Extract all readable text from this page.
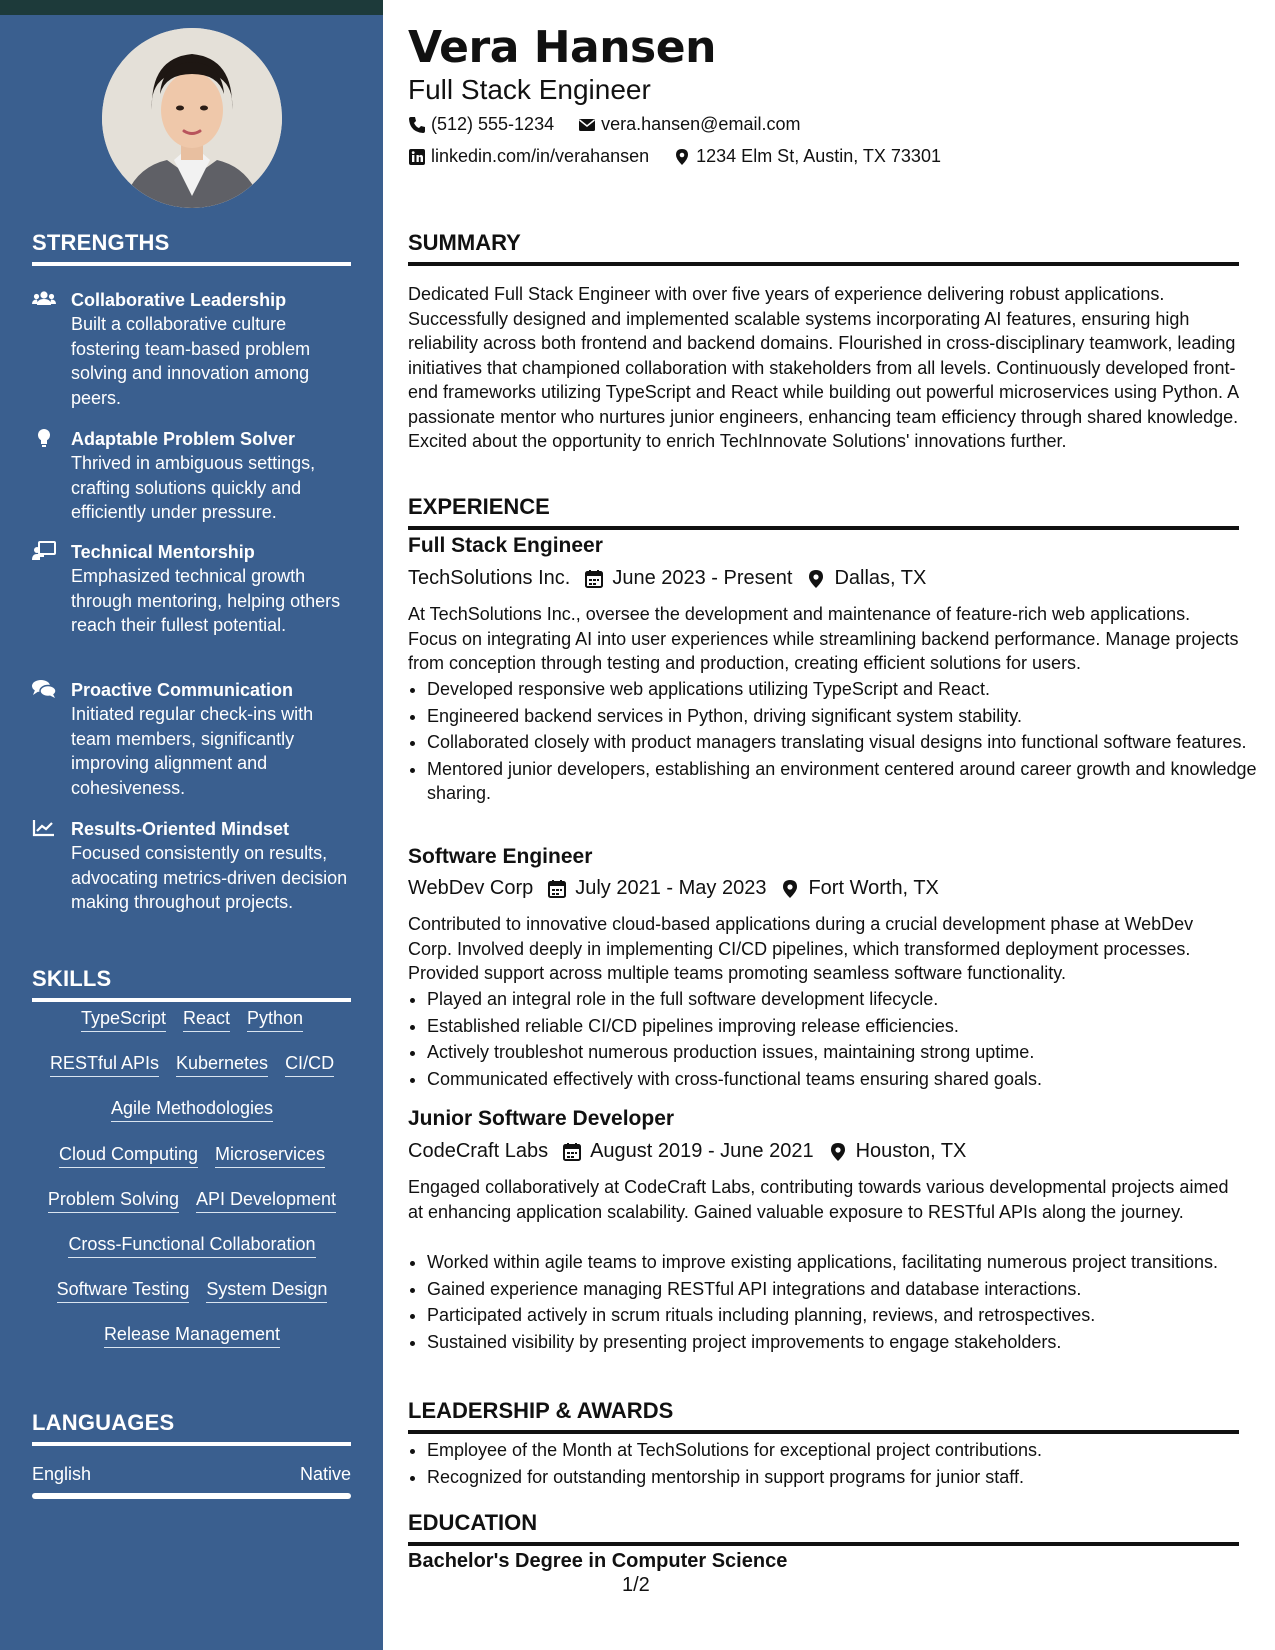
STRENGTHS
Collaborative Leadership
Built a collaborative culture fostering team-based problem solving and innovation among peers.
Adaptable Problem Solver
Thrived in ambiguous settings, crafting solutions quickly and efficiently under pressure.
Technical Mentorship
Emphasized technical growth through mentoring, helping others reach their fullest potential.
Proactive Communication
Initiated regular check-ins with team members, significantly improving alignment and cohesiveness.
Results-Oriented Mindset
Focused consistently on results, advocating metrics-driven decision making throughout projects.
SKILLS
TypeScript React Python
RESTful APIs Kubernetes CI/CD
Agile Methodologies
Cloud Computing Microservices
Problem Solving API Development
Cross-Functional Collaboration
Software Testing System Design
Release Management
LANGUAGES
English	Native
Vera Hansen
Full Stack Engineer
(512) 555-1234	vera.hansen@email.com
linkedin.com/in/verahansen	1234 Elm St, Austin, TX 73301
SUMMARY
Dedicated Full Stack Engineer with over five years of experience delivering robust applications. Successfully designed and implemented scalable systems incorporating AI features, ensuring high reliability across both frontend and backend domains. Flourished in cross-disciplinary teamwork, leading initiatives that championed collaboration with stakeholders from all levels. Continuously developed front-end frameworks utilizing TypeScript and React while building out powerful microservices using Python. A passionate mentor who nurtures junior engineers, enhancing team efficiency through shared knowledge. Excited about the opportunity to enrich TechInnovate Solutions' innovations further.
EXPERIENCE
Full Stack Engineer
TechSolutions Inc. June 2023 - Present Dallas, TX
At TechSolutions Inc., oversee the development and maintenance of feature-rich web applications. Focus on integrating AI into user experiences while streamlining backend performance. Manage projects from conception through testing and production, creating efficient solutions for users.
• Developed responsive web applications utilizing TypeScript and React.
• Engineered backend services in Python, driving significant system stability.
• Collaborated closely with product managers translating visual designs into functional software features.
• Mentored junior developers, establishing an environment centered around career growth and knowledge sharing.
Software Engineer
WebDev Corp July 2021 - May 2023 Fort Worth, TX
Contributed to innovative cloud-based applications during a crucial development phase at WebDev Corp. Involved deeply in implementing CI/CD pipelines, which transformed deployment processes. Provided support across multiple teams promoting seamless software functionality.
• Played an integral role in the full software development lifecycle.
• Established reliable CI/CD pipelines improving release efficiencies.
• Actively troubleshot numerous production issues, maintaining strong uptime.
• Communicated effectively with cross-functional teams ensuring shared goals.
Junior Software Developer
CodeCraft Labs August 2019 - June 2021 Houston, TX
Engaged collaboratively at CodeCraft Labs, contributing towards various developmental projects aimed at enhancing application scalability. Gained valuable exposure to RESTful APIs along the journey.
• Worked within agile teams to improve existing applications, facilitating numerous project transitions.
• Gained experience managing RESTful API integrations and database interactions.
• Participated actively in scrum rituals including planning, reviews, and retrospectives.
• Sustained visibility by presenting project improvements to engage stakeholders.
LEADERSHIP & AWARDS
• Employee of the Month at TechSolutions for exceptional project contributions.
• Recognized for outstanding mentorship in support programs for junior staff.
EDUCATION
Bachelor's Degree in Computer Science
1/2
